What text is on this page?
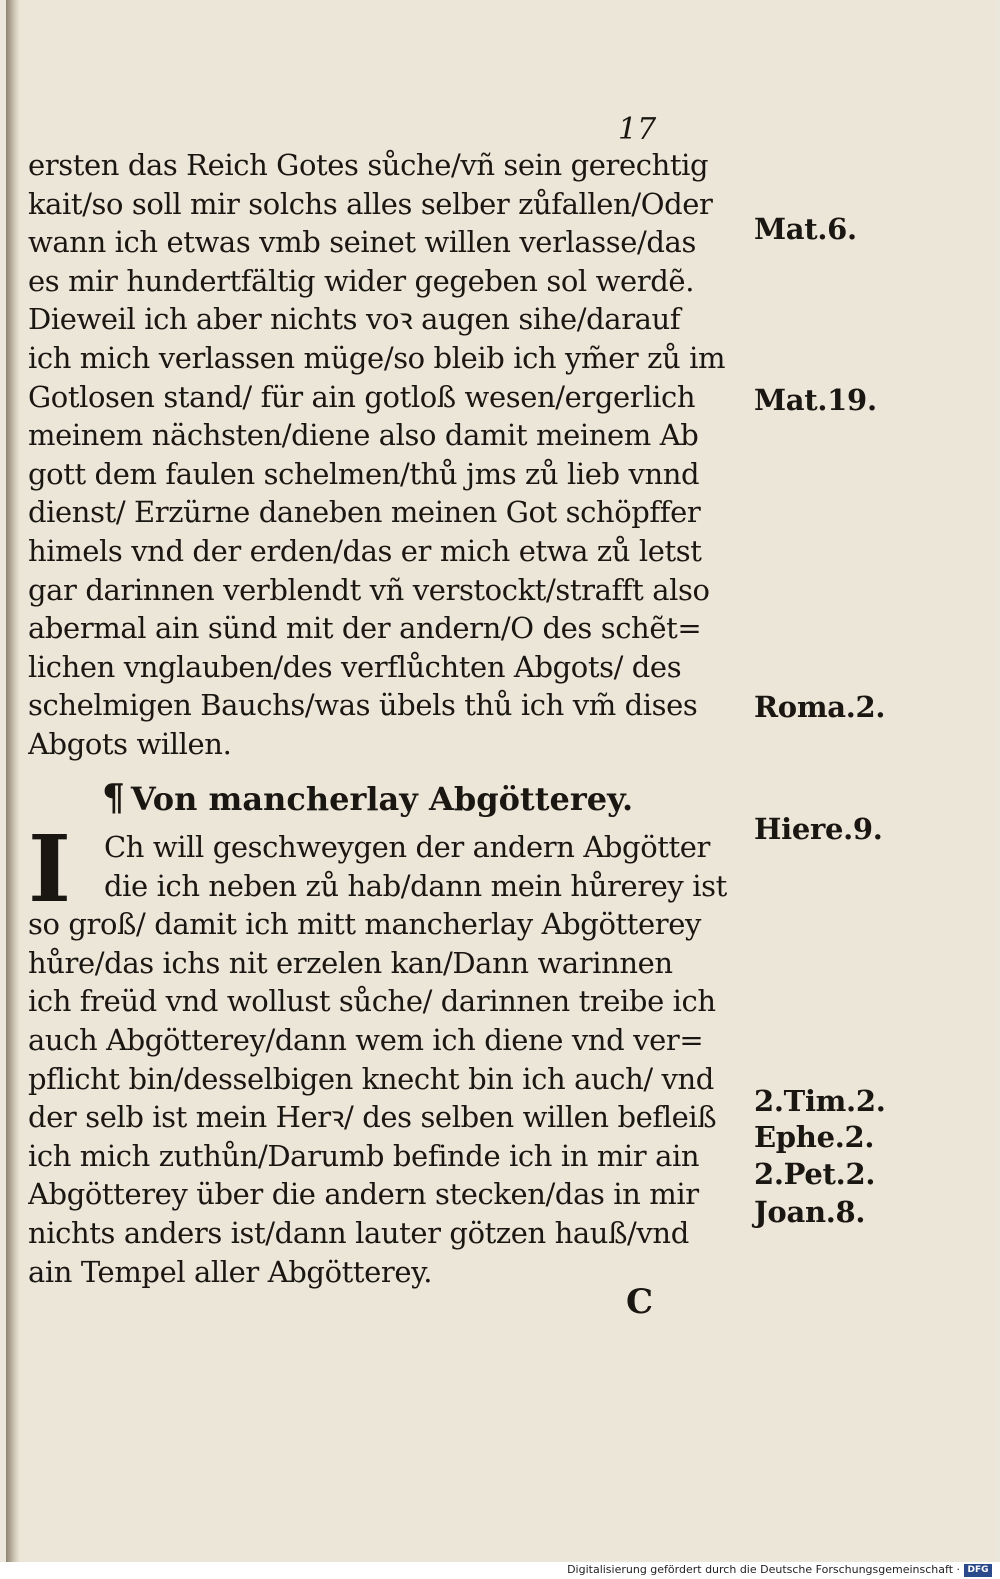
17
ersten das Reich Gotes sůche/vñ sein gerechtig
kait/so soll mir solchs alles selber zůfallen/Oder
wann ich etwas vmb seinet willen verlasse/das
es mir hundertfältig wider gegeben sol werdẽ.
Dieweil ich aber nichts voꝛ augen sihe/darauf
ich mich verlassen müge/so bleib ich ym̃er zů im
Gotlosen stand/ für ain gotloß wesen/ergerlich
meinem nächsten/diene also damit meinem Ab
gott dem faulen schelmen/thů jms zů lieb vnnd
dienst/ Erzürne daneben meinen Got schöpffer
himels vnd der erden/das er mich etwa zů letst
gar darinnen verblendt vñ verstockt/strafft also
abermal ain sünd mit der andern/O des schẽt=
lichen vnglauben/des verflůchten Abgots/ des
schelmigen Bauchs/was übels thů ich vm̃ dises
Abgots willen.
¶ Von mancherlay Abgötterey.
I	Ch will geschweygen der andern Abgötter
die ich neben zů hab/dann mein hůrerey ist
so groß/ damit ich mitt mancherlay Abgötterey
hůre/das ichs nit erzelen kan/Dann warinnen
ich freüd vnd wollust sůche/ darinnen treibe ich
auch Abgötterey/dann wem ich diene vnd ver=
pflicht bin/desselbigen knecht bin ich auch/ vnd
der selb ist mein Herꝛ/ des selben willen befleiß
ich mich zuthůn/Darumb befinde ich in mir ain
Abgötterey über die andern stecken/das in mir
nichts anders ist/dann lauter götzen hauß/vnd
ain Tempel aller Abgötterey.
C
Mat.6.
Mat.19.
Roma.2.
Hiere.9.
2.Tim.2.
Ephe.2.
2.Pet.2.
Joan.8.
Digitalisierung gefördert durch die Deutsche Forschungsgemeinschaft · DFG
